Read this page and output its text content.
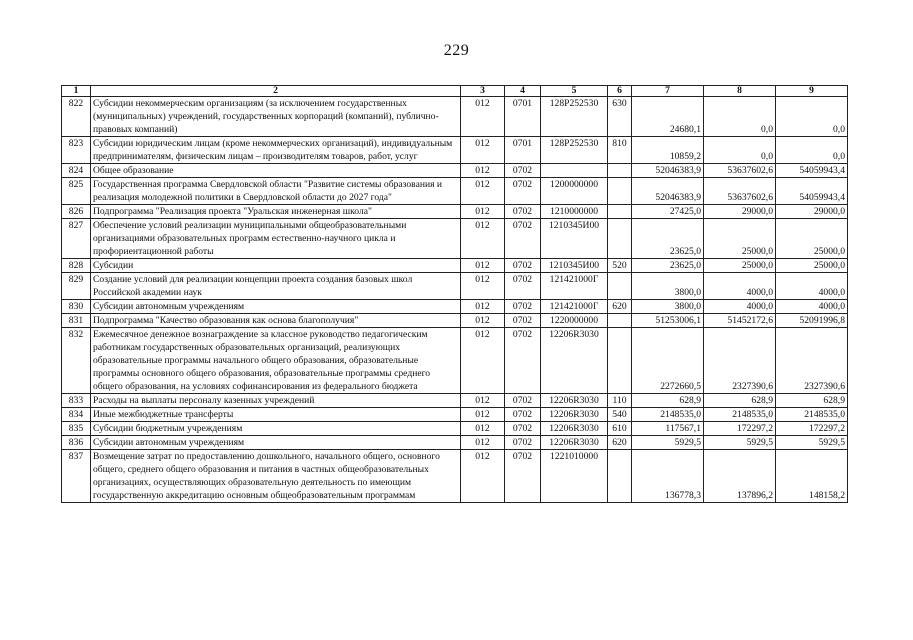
229
1	2	3	4	5	6	7	8	9
822	Субсидии некоммерческим организациям (за исключением государственных (муниципальных) учреждений, государственных корпораций (компаний), публично-правовых компаний)	012	0701	128Р252530	630	24680,1	0,0	0,0
823	Субсидии юридическим лицам (кроме некоммерческих организаций), индивидуальным предпринимателям, физическим лицам – производителям товаров, работ, услуг	012	0701	128Р252530	810	10859,2	0,0	0,0
824	Общее образование	012	0702			52046383,9	53637602,6	54059943,4
825	Государственная программа Свердловской области "Развитие системы образования и реализация молодежной политики в Свердловской области до 2027 года"	012	0702	1200000000		52046383,9	53637602,6	54059943,4
826	Подпрограмма "Реализация проекта "Уральская инженерная школа"	012	0702	1210000000		27425,0	29000,0	29000,0
827	Обеспечение условий реализации муниципальными общеобразовательными организациями образовательных программ естественно-научного цикла и профориентационной работы	012	0702	1210345И00		23625,0	25000,0	25000,0
828	Субсидии	012	0702	1210345И00	520	23625,0	25000,0	25000,0
829	Создание условий для реализации концепции проекта создания базовых школ Российской академии наук	012	0702	121421000Г		3800,0	4000,0	4000,0
830	Субсидии автономным учреждениям	012	0702	121421000Г	620	3800,0	4000,0	4000,0
831	Подпрограмма "Качество образования как основа благополучия"	012	0702	1220000000		51253006,1	51452172,6	52091996,8
832	Ежемесячное денежное вознаграждение за классное руководство педагогическим работникам государственных образовательных организаций, реализующих образовательные программы начального общего образования, образовательные программы основного общего образования, образовательные программы среднего общего образования, на условиях софинансирования из федерального бюджета	012	0702	12206R3030		2272660,5	2327390,6	2327390,6
833	Расходы на выплаты персоналу казенных учреждений	012	0702	12206R3030	110	628,9	628,9	628,9
834	Иные межбюджетные трансферты	012	0702	12206R3030	540	2148535,0	2148535,0	2148535,0
835	Субсидии бюджетным учреждениям	012	0702	12206R3030	610	117567,1	172297,2	172297,2
836	Субсидии автономным учреждениям	012	0702	12206R3030	620	5929,5	5929,5	5929,5
837	Возмещение затрат по предоставлению дошкольного, начального общего, основного общего, среднего общего образования и питания в частных общеобразовательных организациях, осуществляющих образовательную деятельность по имеющим государственную аккредитацию основным общеобразовательным программам	012	0702	1221010000		136778,3	137896,2	148158,2
